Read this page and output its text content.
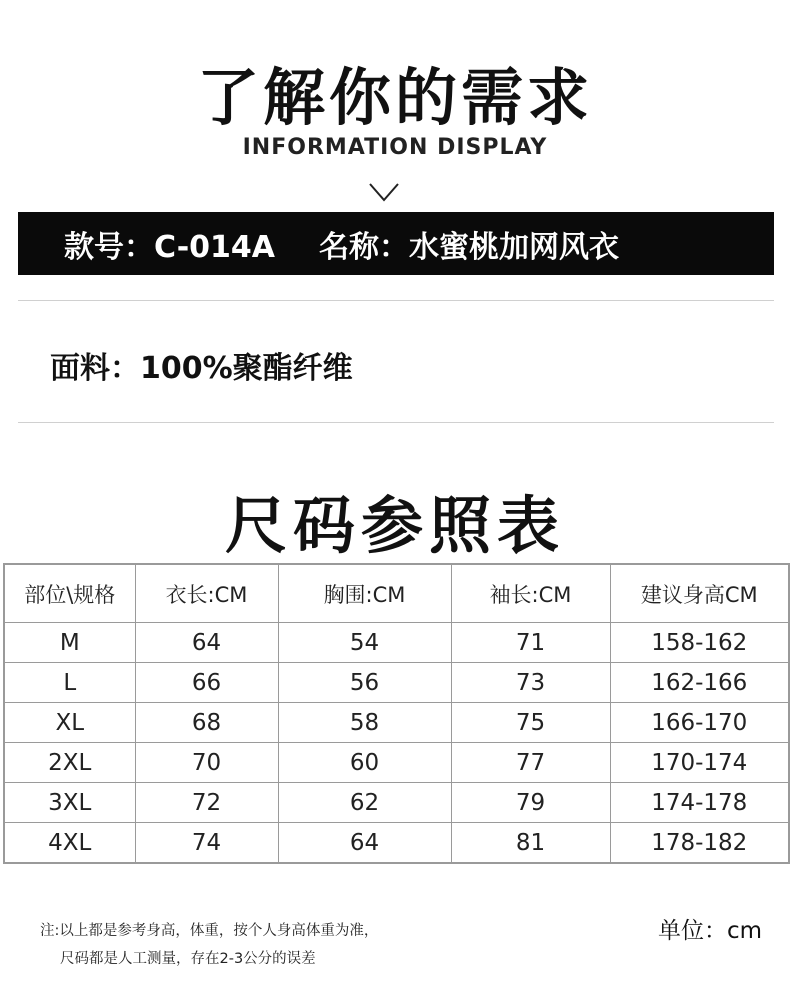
了解你的需求
INFORMATION DISPLAY
款号：C-014A 名称：水蜜桃加网风衣
面料：100%聚酯纤维
尺码参照表
部位\规格	衣长:CM	胸围:CM	袖长:CM	建议身高CM
M	64	54	71	158-162
L	66	56	73	162-166
XL	68	58	75	166-170
2XL	70	60	77	170-174
3XL	72	62	79	174-178
4XL	74	64	81	178-182
注:以上都是参考身高，体重，按个人身高体重为准，
尺码都是人工测量，存在2-3公分的误差
单位：cm
